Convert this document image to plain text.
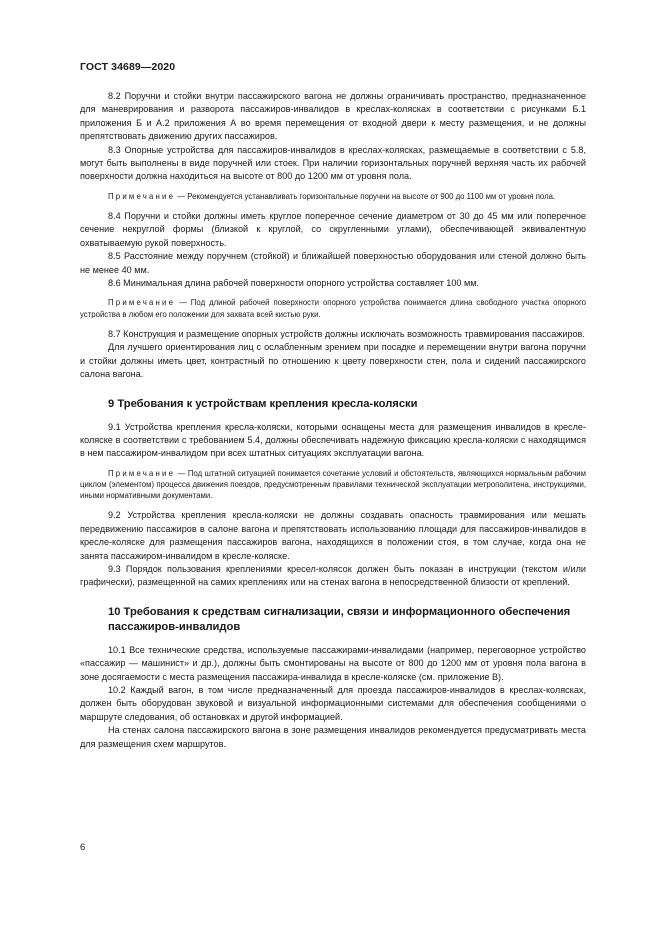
ГОСТ 34689—2020

8.2 Поручни и стойки внутри пассажирского вагона не должны ограничивать пространство, предназначенное для маневрирования и разворота пассажиров-инвалидов в креслах-колясках в соответствии с рисунками Б.1 приложения Б и А.2 приложения А во время перемещения от входной двери к месту размещения, и не должны препятствовать движению других пассажиров.

8.3 Опорные устройства для пассажиров-инвалидов в креслах-колясках, размещаемые в соответствии с 5.8, могут быть выполнены в виде поручней или стоек. При наличии горизонтальных поручней верхняя часть их рабочей поверхности должна находиться на высоте от 800 до 1200 мм от уровня пола.

Примечание — Рекомендуется устанавливать горизонтальные поручни на высоте от 900 до 1100 мм от уровня пола.

8.4 Поручни и стойки должны иметь круглое поперечное сечение диаметром от 30 до 45 мм или поперечное сечение некруглой формы (близкой к круглой, со скругленными углами), обеспечивающей эквивалентную охватываемую рукой поверхность.

8.5 Расстояние между поручнем (стойкой) и ближайшей поверхностью оборудования или стеной должно быть не менее 40 мм.

8.6 Минимальная длина рабочей поверхности опорного устройства составляет 100 мм.

Примечание — Под длиной рабочей поверхности опорного устройства понимается длина свободного участка опорного устройства в любом его положении для захвата всей кистью руки.

8.7 Конструкция и размещение опорных устройств должны исключать возможность травмирования пассажиров.

Для лучшего ориентирования лиц с ослабленным зрением при посадке и перемещении внутри вагона поручни и стойки должны иметь цвет, контрастный по отношению к цвету поверхности стен, пола и сидений пассажирского салона вагона.

9 Требования к устройствам крепления кресла-коляски

9.1 Устройства крепления кресла-коляски, которыми оснащены места для размещения инвалидов в кресле-коляске в соответствии с требованием 5.4, должны обеспечивать надежную фиксацию кресла-коляски с находящимся в нем пассажиром-инвалидом при всех штатных ситуациях эксплуатации вагона.

Примечание — Под штатной ситуацией понимается сочетание условий и обстоятельств, являющихся нормальным рабочим циклом (элементом) процесса движения поездов, предусмотренным правилами технической эксплуатации метрополитена, инструкциями, иными нормативными документами.

9.2 Устройства крепления кресла-коляски не должны создавать опасность травмирования или мешать передвижению пассажиров в салоне вагона и препятствовать использованию площади для пассажиров-инвалидов в кресле-коляске для размещения пассажиров вагона, находящихся в положении стоя, в том случае, когда она не занята пассажиром-инвалидом в кресле-коляске.

9.3 Порядок пользования креплениями кресел-колясок должен быть показан в инструкции (текстом и/или графически), размещенной на самих креплениях или на стенах вагона в непосредственной близости от креплений.

10 Требования к средствам сигнализации, связи и информационного обеспечения пассажиров-инвалидов

10.1 Все технические средства, используемые пассажирами-инвалидами (например, переговорное устройство «пассажир — машинист» и др.), должны быть смонтированы на высоте от 800 до 1200 мм от уровня пола вагона в зоне досягаемости с места размещения пассажира-инвалида в кресле-коляске (см. приложение В).

10.2 Каждый вагон, в том числе предназначенный для проезда пассажиров-инвалидов в креслах-колясках, должен быть оборудован звуковой и визуальной информационными системами для обеспечения сообщениями о маршруте следования, об остановках и другой информацией.

На стенах салона пассажирского вагона в зоне размещения инвалидов рекомендуется предусматривать места для размещения схем маршрутов.

6
